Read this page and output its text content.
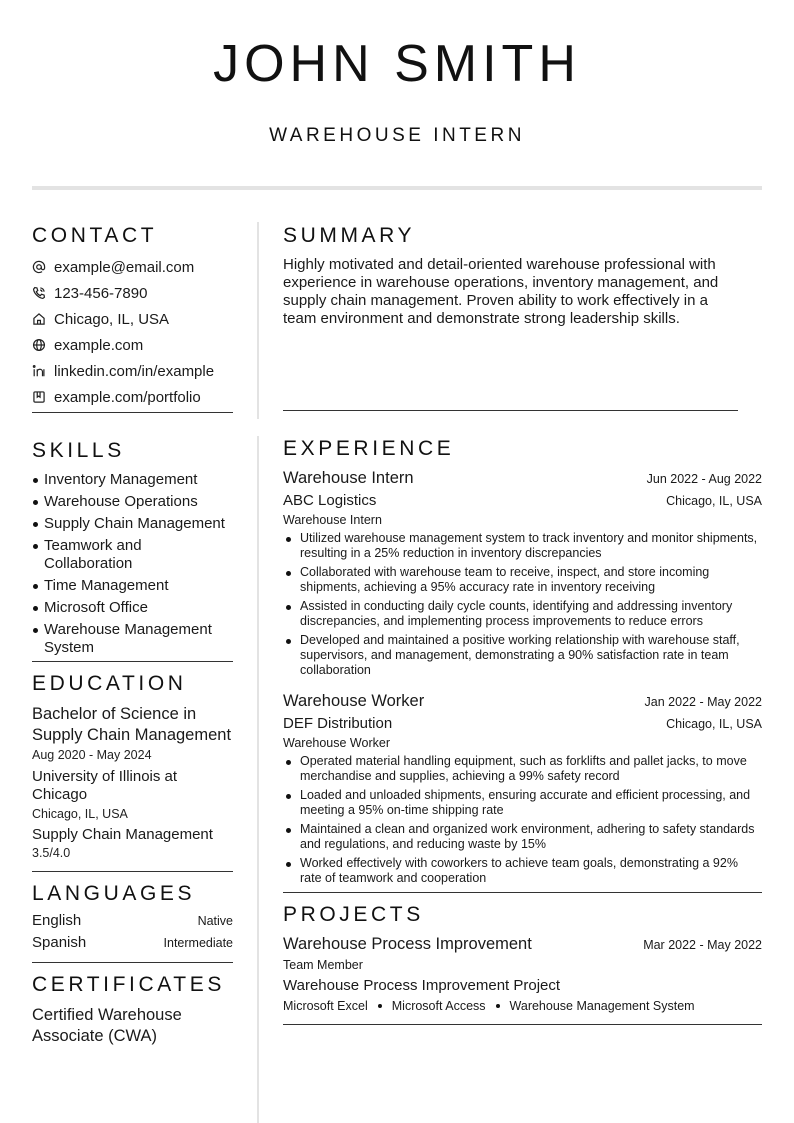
JOHN SMITH
WAREHOUSE INTERN
CONTACT
example@email.com
123-456-7890
Chicago, IL, USA
example.com
linkedin.com/in/example
example.com/portfolio
SKILLS
Inventory Management
Warehouse Operations
Supply Chain Management
Teamwork and Collaboration
Time Management
Microsoft Office
Warehouse Management System
EDUCATION
Bachelor of Science in Supply Chain Management
Aug 2020 - May 2024
University of Illinois at Chicago
Chicago, IL, USA
Supply Chain Management
3.5/4.0
LANGUAGES
English	Native
Spanish	Intermediate
CERTIFICATES
Certified Warehouse Associate (CWA)
SUMMARY

Highly motivated and detail-oriented warehouse professional with experience in warehouse operations, inventory management, and supply chain management. Proven ability to work effectively in a team environment and demonstrate strong leadership skills.

EXPERIENCE
Warehouse Intern	Jun 2022 - Aug 2022
ABC Logistics	Chicago, IL, USA
Warehouse Intern
Utilized warehouse management system to track inventory and monitor shipments, resulting in a 25% reduction in inventory discrepancies
Collaborated with warehouse team to receive, inspect, and store incoming shipments, achieving a 95% accuracy rate in inventory receiving
Assisted in conducting daily cycle counts, identifying and addressing inventory discrepancies, and implementing process improvements to reduce errors
Developed and maintained a positive working relationship with warehouse staff, supervisors, and management, demonstrating a 90% satisfaction rate in team collaboration
Warehouse Worker	Jan 2022 - May 2022
DEF Distribution	Chicago, IL, USA
Warehouse Worker
Operated material handling equipment, such as forklifts and pallet jacks, to move merchandise and supplies, achieving a 99% safety record
Loaded and unloaded shipments, ensuring accurate and efficient processing, and meeting a 95% on-time shipping rate
Maintained a clean and organized work environment, adhering to safety standards and regulations, and reducing waste by 15%
Worked effectively with coworkers to achieve team goals, demonstrating a 92% rate of teamwork and cooperation
PROJECTS
Warehouse Process Improvement	Mar 2022 - May 2022
Team Member
Warehouse Process Improvement Project
Microsoft Excel Microsoft Access Warehouse Management System
